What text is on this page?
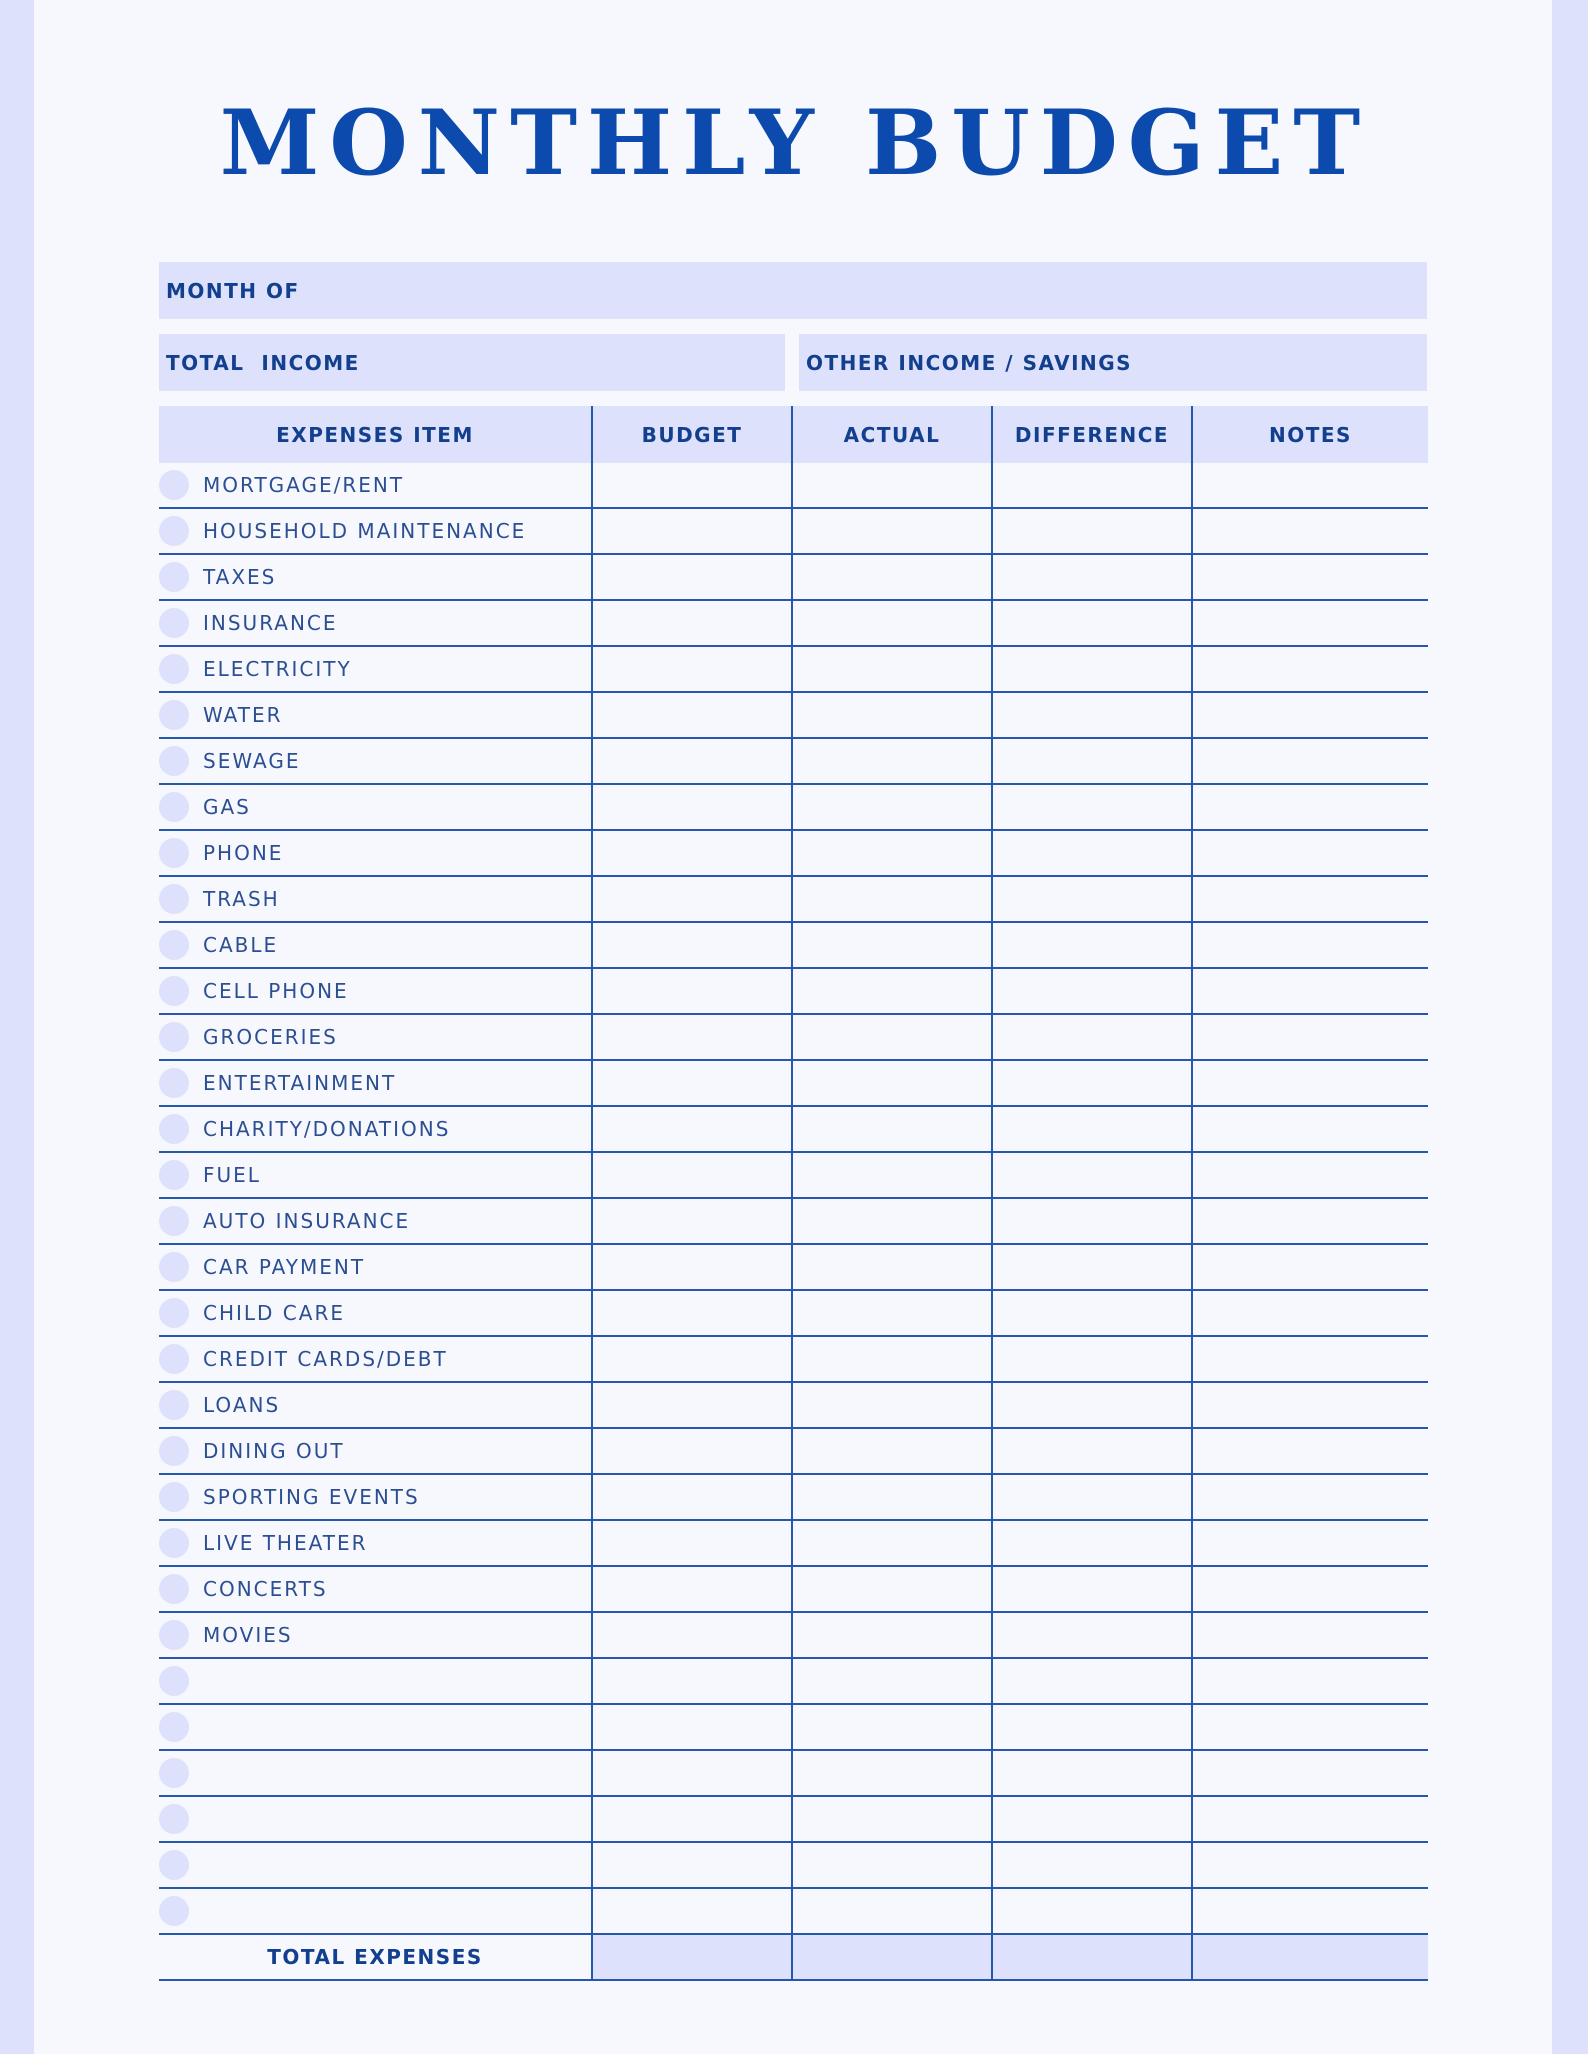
MONTHLY BUDGET
MONTH OF
TOTAL  INCOME	OTHER INCOME / SAVINGS
EXPENSES ITEM	BUDGET	ACTUAL	DIFFERENCE	NOTES

MORTGAGE/RENT

HOUSEHOLD MAINTENANCE

TAXES

INSURANCE

ELECTRICITY

WATER

SEWAGE

GAS

PHONE

TRASH

CABLE

CELL PHONE

GROCERIES

ENTERTAINMENT

CHARITY/DONATIONS

FUEL

AUTO INSURANCE

CAR PAYMENT

CHILD CARE

CREDIT CARDS/DEBT

LOANS

DINING OUT

SPORTING EVENTS

LIVE THEATER

CONCERTS

MOVIES

TOTAL EXPENSES				
